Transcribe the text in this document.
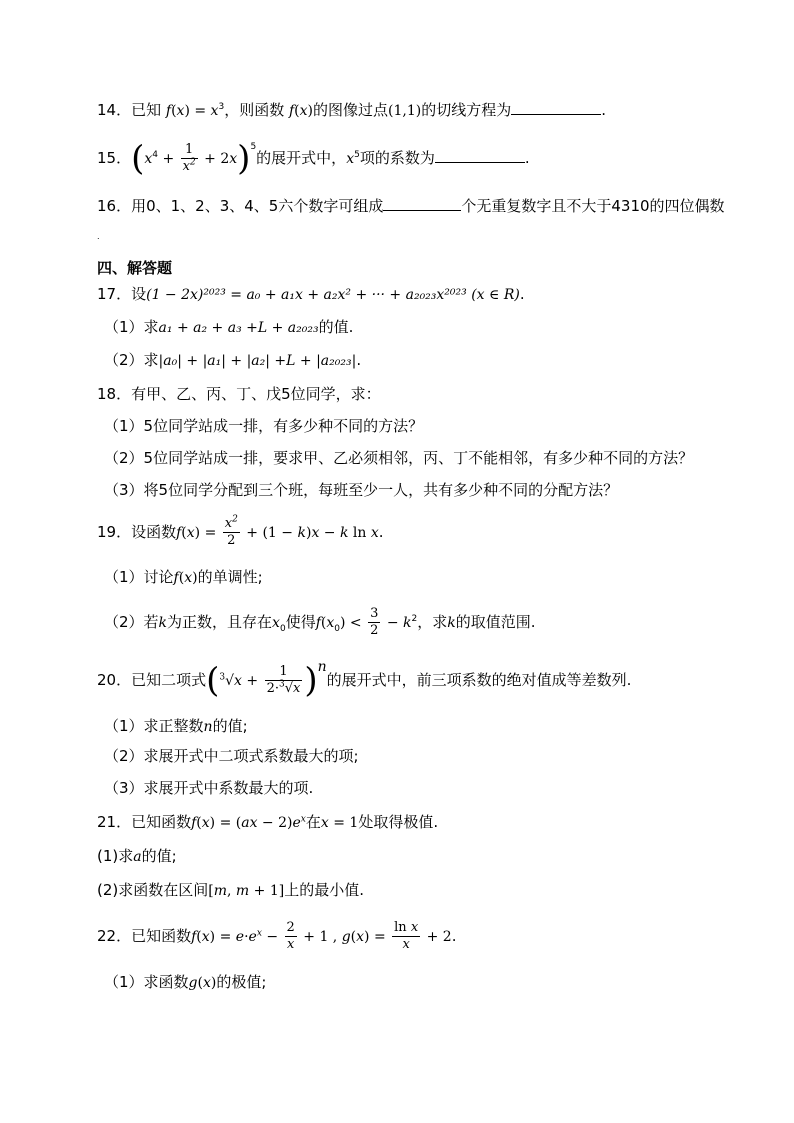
14．已知 $f(x) = x^3$，则函数 f(x)的图像过点(1,1)的切线方程为	.
15．$(x^4 + \frac{1}{x^2} + 2x)^5$的展开式中，$x^5$项的系数为	.
16．用0、1、2、3、4、5六个数字可组成	个无重复数字且不大于4310的四位偶数
.
四、解答题
17．设(1 − 2x)²⁰²³ = a₀ + a₁x + a₂x² + ··· + a₂₀₂₃x²⁰²³ (x ∈ R).
（1）求a₁ + a₂ + a₃ +L + a₂₀₂₃的值.
（2）求|a₀| + |a₁| + |a₂| +L + |a₂₀₂₃|.
18．有甲、乙、丙、丁、戊5位同学，求：
（1）5位同学站成一排，有多少种不同的方法？
（2）5位同学站成一排，要求甲、乙必须相邻，丙、丁不能相邻，有多少种不同的方法？
（3）将5位同学分配到三个班，每班至少一人，共有多少种不同的分配方法？
19．设函数$f(x) = \frac{x^2}{2} + (1 - k)x - k$ ln x.
（1）讨论f(x)的单调性;
（2）若k为正数，且存在$x_0$使得$f(x_0) < \frac{3}{2} - k^2$，求k的取值范围.
20．已知二项式$(^3√x + \frac{1}{2\cdot^3√x} )^n$的展开式中，前三项系数的绝对值成等差数列.
（1）求正整数n的值;
（2）求展开式中二项式系数最大的项;
（3）求展开式中系数最大的项.
21．已知函数$f(x) = (ax - 2)e^x$在x = 1处取得极值.
(1)求a的值;
(2)求函数在区间[m, m + 1]上的最小值.
22．已知函数$f(x) = e\cdot e^x - \frac{2}{x} + 1$ , $g(x) = \frac{\text{ln x}}{x} + 2$.
（1）求函数g(x)的极值;
